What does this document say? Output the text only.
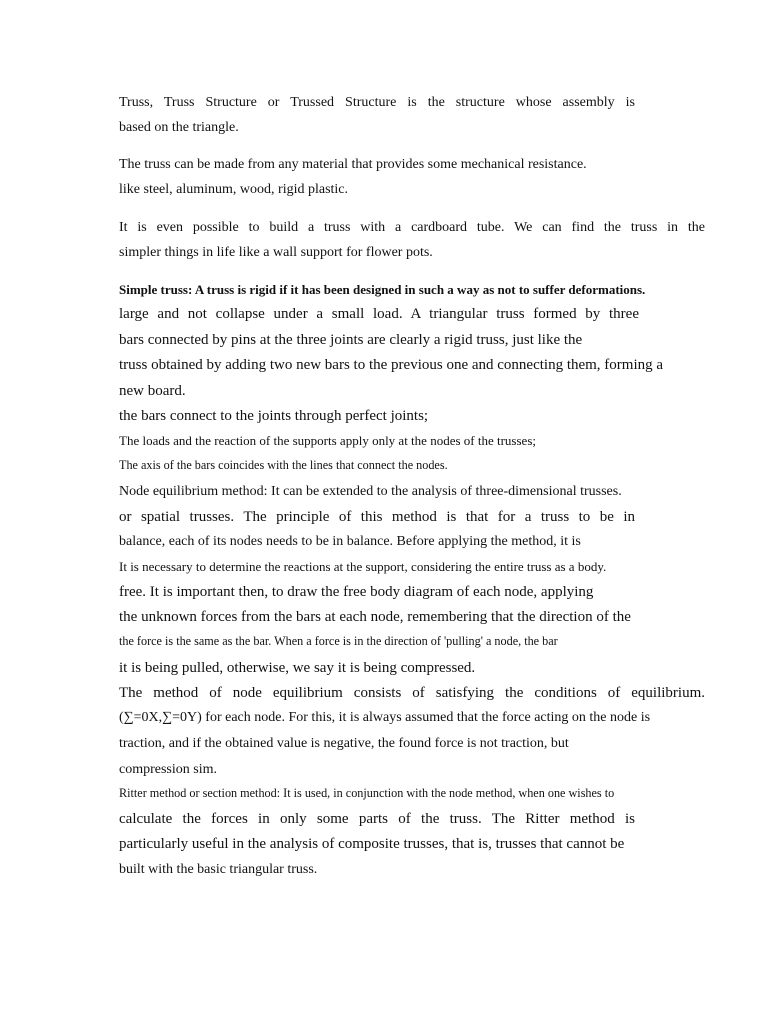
Truss, Truss Structure or Trussed Structure is the structure whose assembly is
based on the triangle.
The truss can be made from any material that provides some mechanical resistance.
like steel, aluminum, wood, rigid plastic.
It is even possible to build a truss with a cardboard tube. We can find the truss in the
simpler things in life like a wall support for flower pots.
Simple truss: A truss is rigid if it has been designed in such a way as not to suffer deformations.
large and not collapse under a small load. A triangular truss formed by three
bars connected by pins at the three joints are clearly a rigid truss, just like the
truss obtained by adding two new bars to the previous one and connecting them, forming a
new board.
the bars connect to the joints through perfect joints;
The loads and the reaction of the supports apply only at the nodes of the trusses;
The axis of the bars coincides with the lines that connect the nodes.
Node equilibrium method: It can be extended to the analysis of three-dimensional trusses.
or spatial trusses. The principle of this method is that for a truss to be in
balance, each of its nodes needs to be in balance. Before applying the method, it is
It is necessary to determine the reactions at the support, considering the entire truss as a body.
free. It is important then, to draw the free body diagram of each node, applying
the unknown forces from the bars at each node, remembering that the direction of the
the force is the same as the bar. When a force is in the direction of 'pulling' a node, the bar
it is being pulled, otherwise, we say it is being compressed.
The method of node equilibrium consists of satisfying the conditions of equilibrium.
(∑=0X,∑=0Y) for each node. For this, it is always assumed that the force acting on the node is
traction, and if the obtained value is negative, the found force is not traction, but
compression sim.
Ritter method or section method: It is used, in conjunction with the node method, when one wishes to
calculate the forces in only some parts of the truss. The Ritter method is
particularly useful in the analysis of composite trusses, that is, trusses that cannot be
built with the basic triangular truss.
